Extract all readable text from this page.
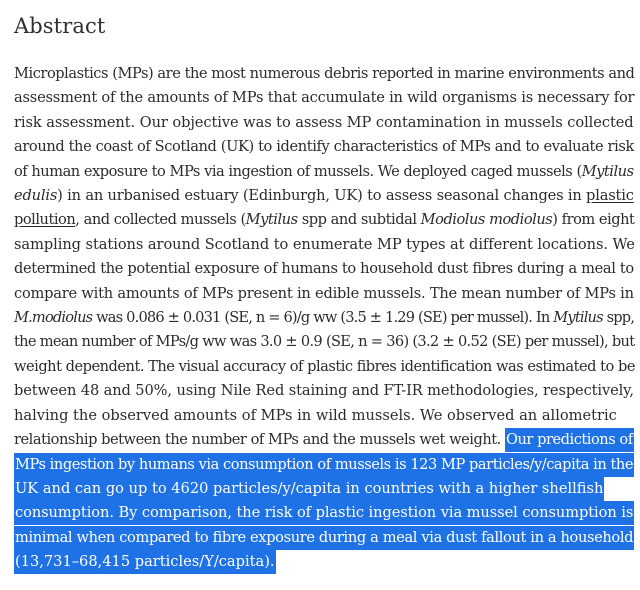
Abstract
Microplastics (MPs) are the most numerous debris reported in marine environments and
assessment of the amounts of MPs that accumulate in wild organisms is necessary for
risk assessment. Our objective was to assess MP contamination in mussels collected
around the coast of Scotland (UK) to identify characteristics of MPs and to evaluate risk
of human exposure to MPs via ingestion of mussels. We deployed caged mussels (Mytilus
edulis) in an urbanised estuary (Edinburgh, UK) to assess seasonal changes in plastic
pollution, and collected mussels (Mytilus spp and subtidal Modiolus modiolus) from eight
sampling stations around Scotland to enumerate MP types at different locations. We
determined the potential exposure of humans to household dust fibres during a meal to
compare with amounts of MPs present in edible mussels. The mean number of MPs in
M.modiolus was 0.086 ± 0.031 (SE, n = 6)/g ww (3.5 ± 1.29 (SE) per mussel). In Mytilus spp,
the mean number of MPs/g ww was 3.0 ± 0.9 (SE, n = 36) (3.2 ± 0.52 (SE) per mussel), but
weight dependent. The visual accuracy of plastic fibres identification was estimated to be
between 48 and 50%, using Nile Red staining and FT-IR methodologies, respectively,
halving the observed amounts of MPs in wild mussels. We observed an allometric
relationship between the number of MPs and the mussels wet weight. Our predictions of
MPs ingestion by humans via consumption of mussels is 123 MP particles/y/capita in the
UK and can go up to 4620 particles/y/capita in countries with a higher shellfish
consumption. By comparison, the risk of plastic ingestion via mussel consumption is
minimal when compared to fibre exposure during a meal via dust fallout in a household
(13,731–68,415 particles/Y/capita).
